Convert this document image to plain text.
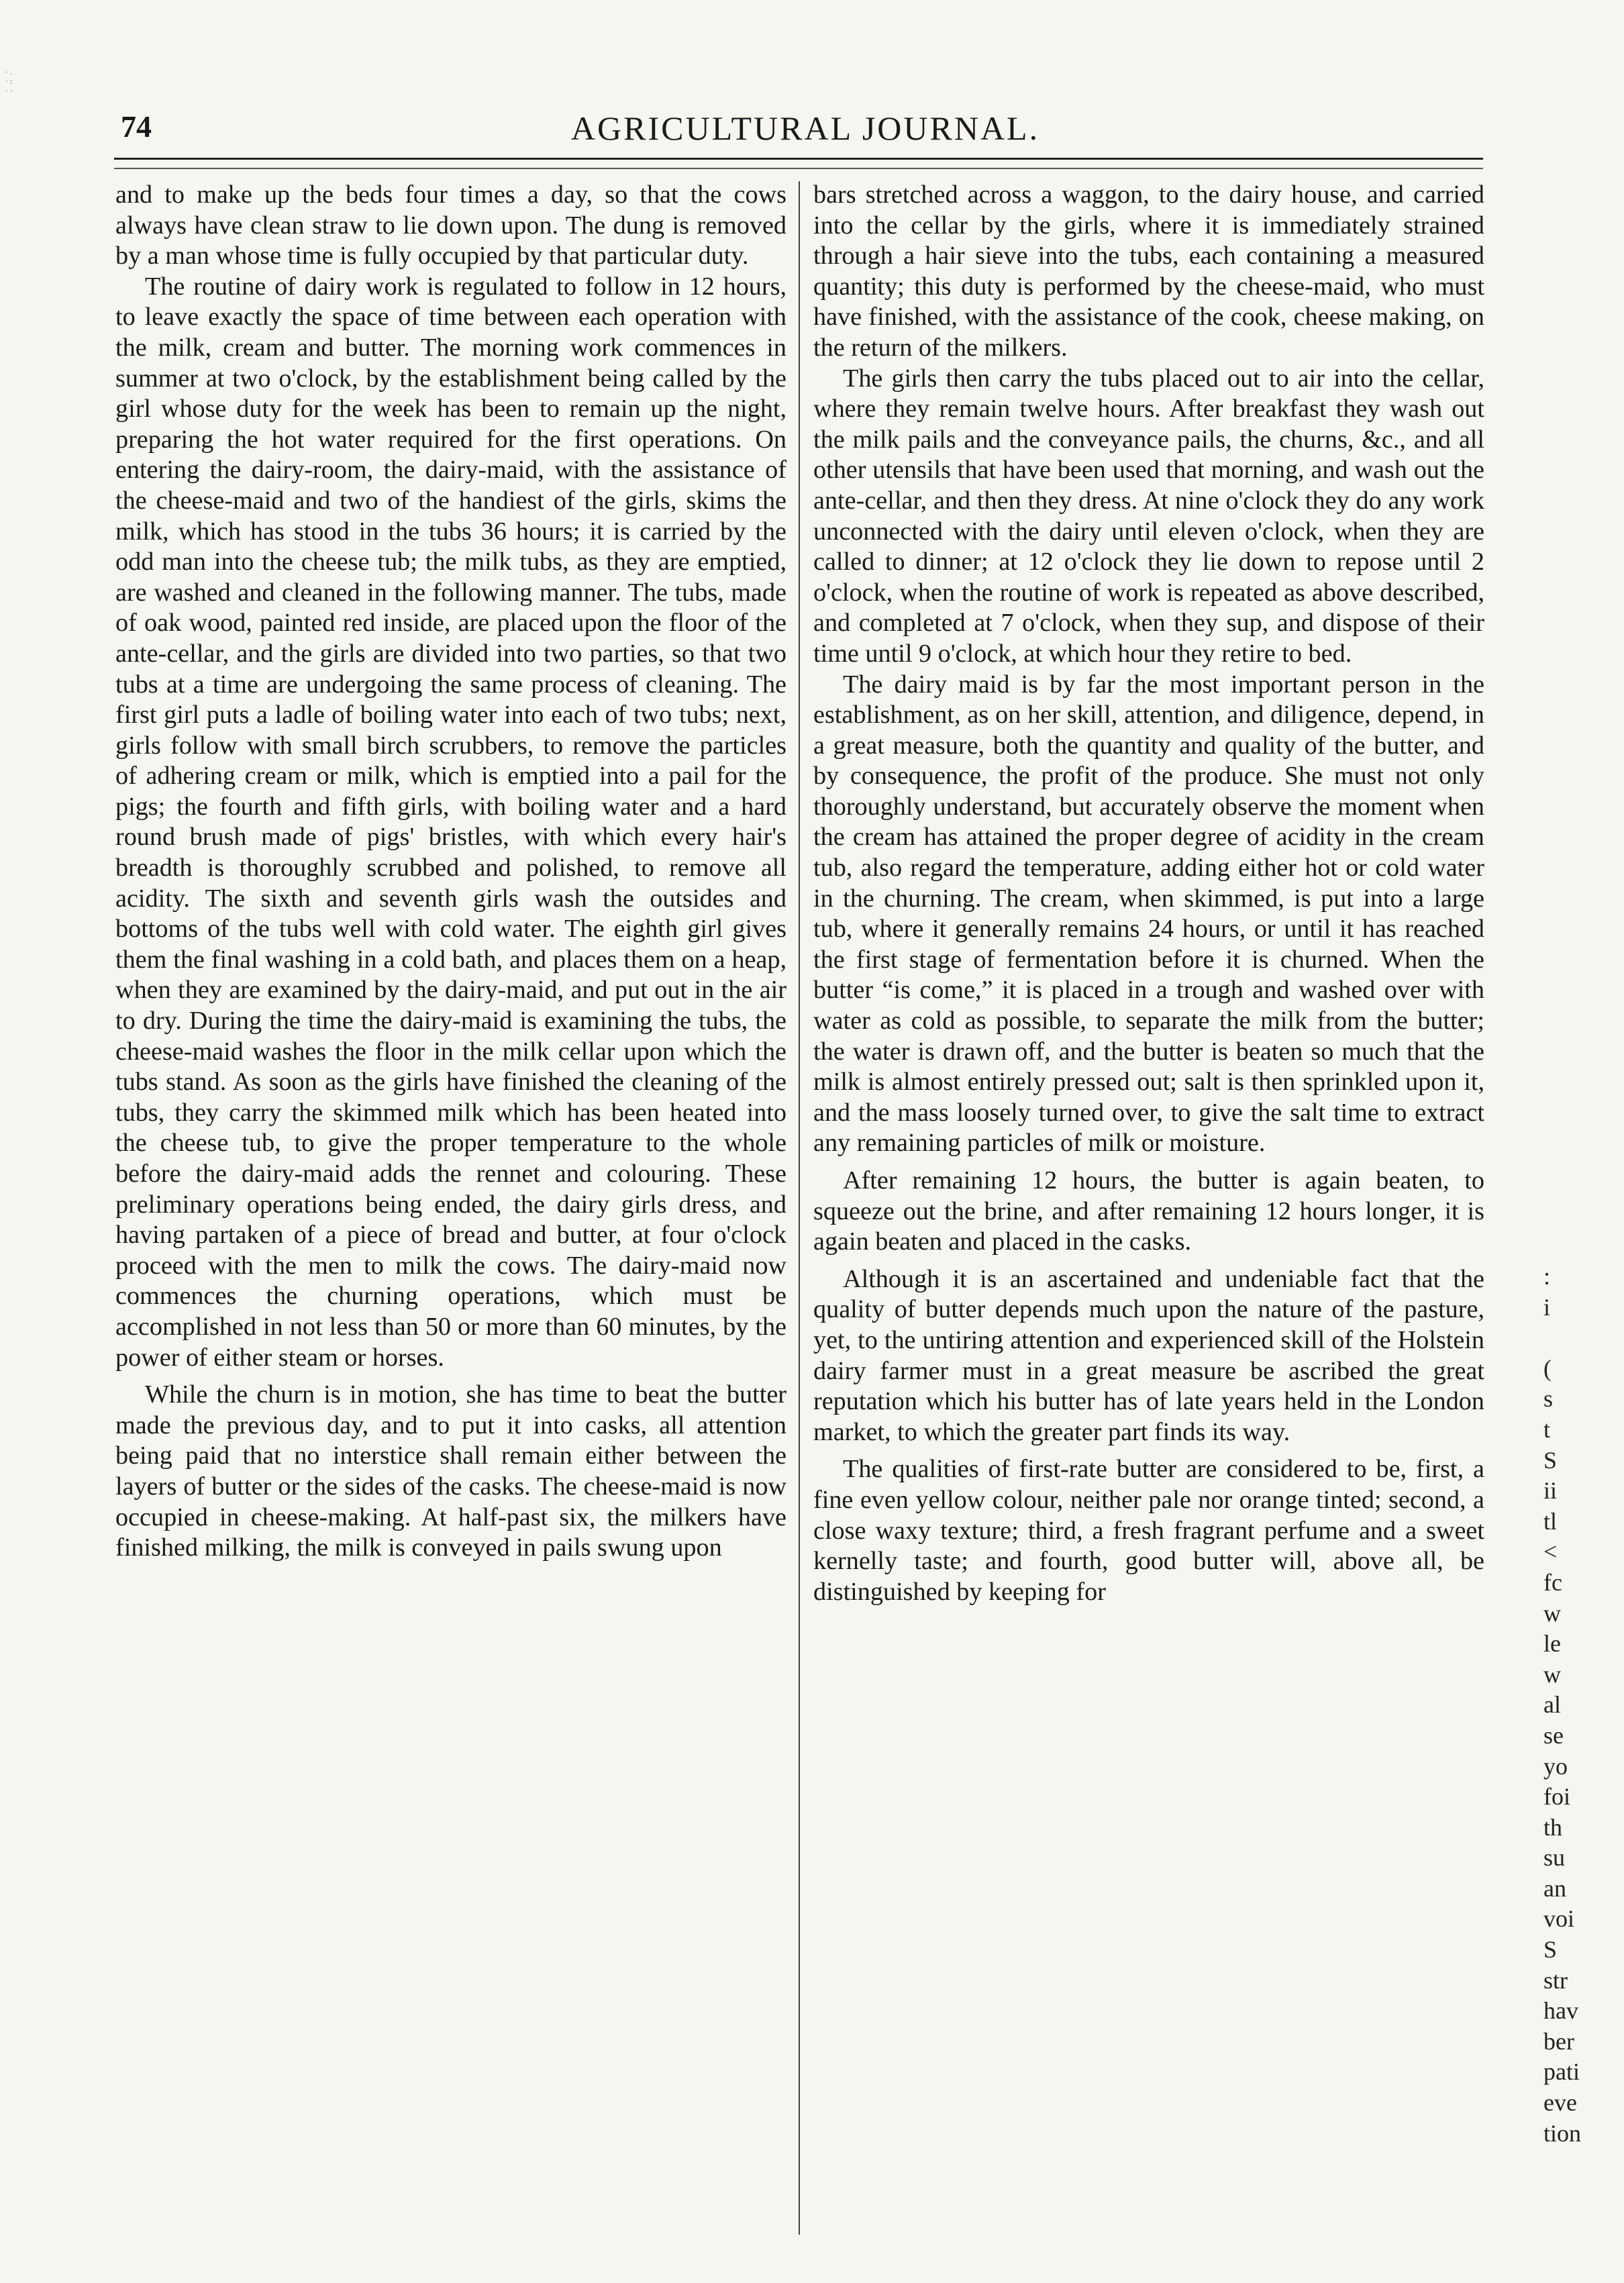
· . · : · ·
74	AGRICULTURAL JOURNAL.

and to make up the beds four times a day, so that the cows always have clean straw to lie down upon. The dung is removed by a man whose time is fully occupied by that particular duty.

The routine of dairy work is regulated to follow in 12 hours, to leave exactly the space of time between each operation with the milk, cream and butter. The morning work commences in summer at two o'clock, by the establishment being called by the girl whose duty for the week has been to remain up the night, preparing the hot water required for the first operations. On entering the dairy-room, the dairy-maid, with the assistance of the cheese-maid and two of the handiest of the girls, skims the milk, which has stood in the tubs 36 hours; it is carried by the odd man into the cheese tub; the milk tubs, as they are emptied, are washed and cleaned in the following manner. The tubs, made of oak wood, painted red inside, are placed upon the floor of the ante-cellar, and the girls are divided into two parties, so that two tubs at a time are undergoing the same process of cleaning. The first girl puts a ladle of boiling water into each of two tubs; next, girls follow with small birch scrubbers, to remove the particles of adhering cream or milk, which is emptied into a pail for the pigs; the fourth and fifth girls, with boiling water and a hard round brush made of pigs' bristles, with which every hair's breadth is thoroughly scrubbed and polished, to remove all acidity. The sixth and seventh girls wash the outsides and bottoms of the tubs well with cold water. The eighth girl gives them the final washing in a cold bath, and places them on a heap, when they are examined by the dairy-maid, and put out in the air to dry. During the time the dairy-maid is examining the tubs, the cheese-maid washes the floor in the milk cellar upon which the tubs stand. As soon as the girls have finished the cleaning of the tubs, they carry the skimmed milk which has been heated into the cheese tub, to give the proper temperature to the whole before the dairy-maid adds the rennet and colouring. These preliminary operations being ended, the dairy girls dress, and having partaken of a piece of bread and butter, at four o'clock proceed with the men to milk the cows. The dairy-maid now commences the churning operations, which must be accomplished in not less than 50 or more than 60 minutes, by the power of either steam or horses.

While the churn is in motion, she has time to beat the butter made the previous day, and to put it into casks, all attention being paid that no interstice shall remain either between the layers of butter or the sides of the casks. The cheese-maid is now occupied in cheese-making. At half-past six, the milkers have finished milking, the milk is conveyed in pails swung upon

bars stretched across a waggon, to the dairy house, and carried into the cellar by the girls, where it is immediately strained through a hair sieve into the tubs, each containing a measured quantity; this duty is performed by the cheese-maid, who must have finished, with the assistance of the cook, cheese making, on the return of the milkers.

The girls then carry the tubs placed out to air into the cellar, where they remain twelve hours. After breakfast they wash out the milk pails and the conveyance pails, the churns, &c., and all other utensils that have been used that morning, and wash out the ante-cellar, and then they dress. At nine o'clock they do any work unconnected with the dairy until eleven o'clock, when they are called to dinner; at 12 o'clock they lie down to repose until 2 o'clock, when the routine of work is repeated as above described, and completed at 7 o'clock, when they sup, and dispose of their time until 9 o'clock, at which hour they retire to bed.

The dairy maid is by far the most important person in the establishment, as on her skill, attention, and diligence, depend, in a great measure, both the quantity and quality of the butter, and by consequence, the profit of the produce. She must not only thoroughly understand, but accurately observe the moment when the cream has attained the proper degree of acidity in the cream tub, also regard the temperature, adding either hot or cold water in the churning. The cream, when skimmed, is put into a large tub, where it generally remains 24 hours, or until it has reached the first stage of fermentation before it is churned. When the butter “is come,” it is placed in a trough and washed over with water as cold as possible, to separate the milk from the butter; the water is drawn off, and the butter is beaten so much that the milk is almost entirely pressed out; salt is then sprinkled upon it, and the mass loosely turned over, to give the salt time to extract any remaining particles of milk or moisture.

After remaining 12 hours, the butter is again beaten, to squeeze out the brine, and after remaining 12 hours longer, it is again beaten and placed in the casks.

Although it is an ascertained and undeniable fact that the quality of butter depends much upon the nature of the pasture, yet, to the untiring attention and experienced skill of the Holstein dairy farmer must in a great measure be ascribed the great reputation which his butter has of late years held in the London market, to which the greater part finds its way.

The qualities of first-rate butter are considered to be, first, a fine even yellow colour, neither pale nor orange tinted; second, a close waxy texture; third, a fresh fragrant perfume and a sweet kernelly taste; and fourth, good butter will, above all, be distinguished by keeping for

:
i
(
s
t
S
ii
tl
<
fc
w
le
w
al
se
yo
foi
th
su
an
voi
S
str
hav
ber
pati
eve
tion
